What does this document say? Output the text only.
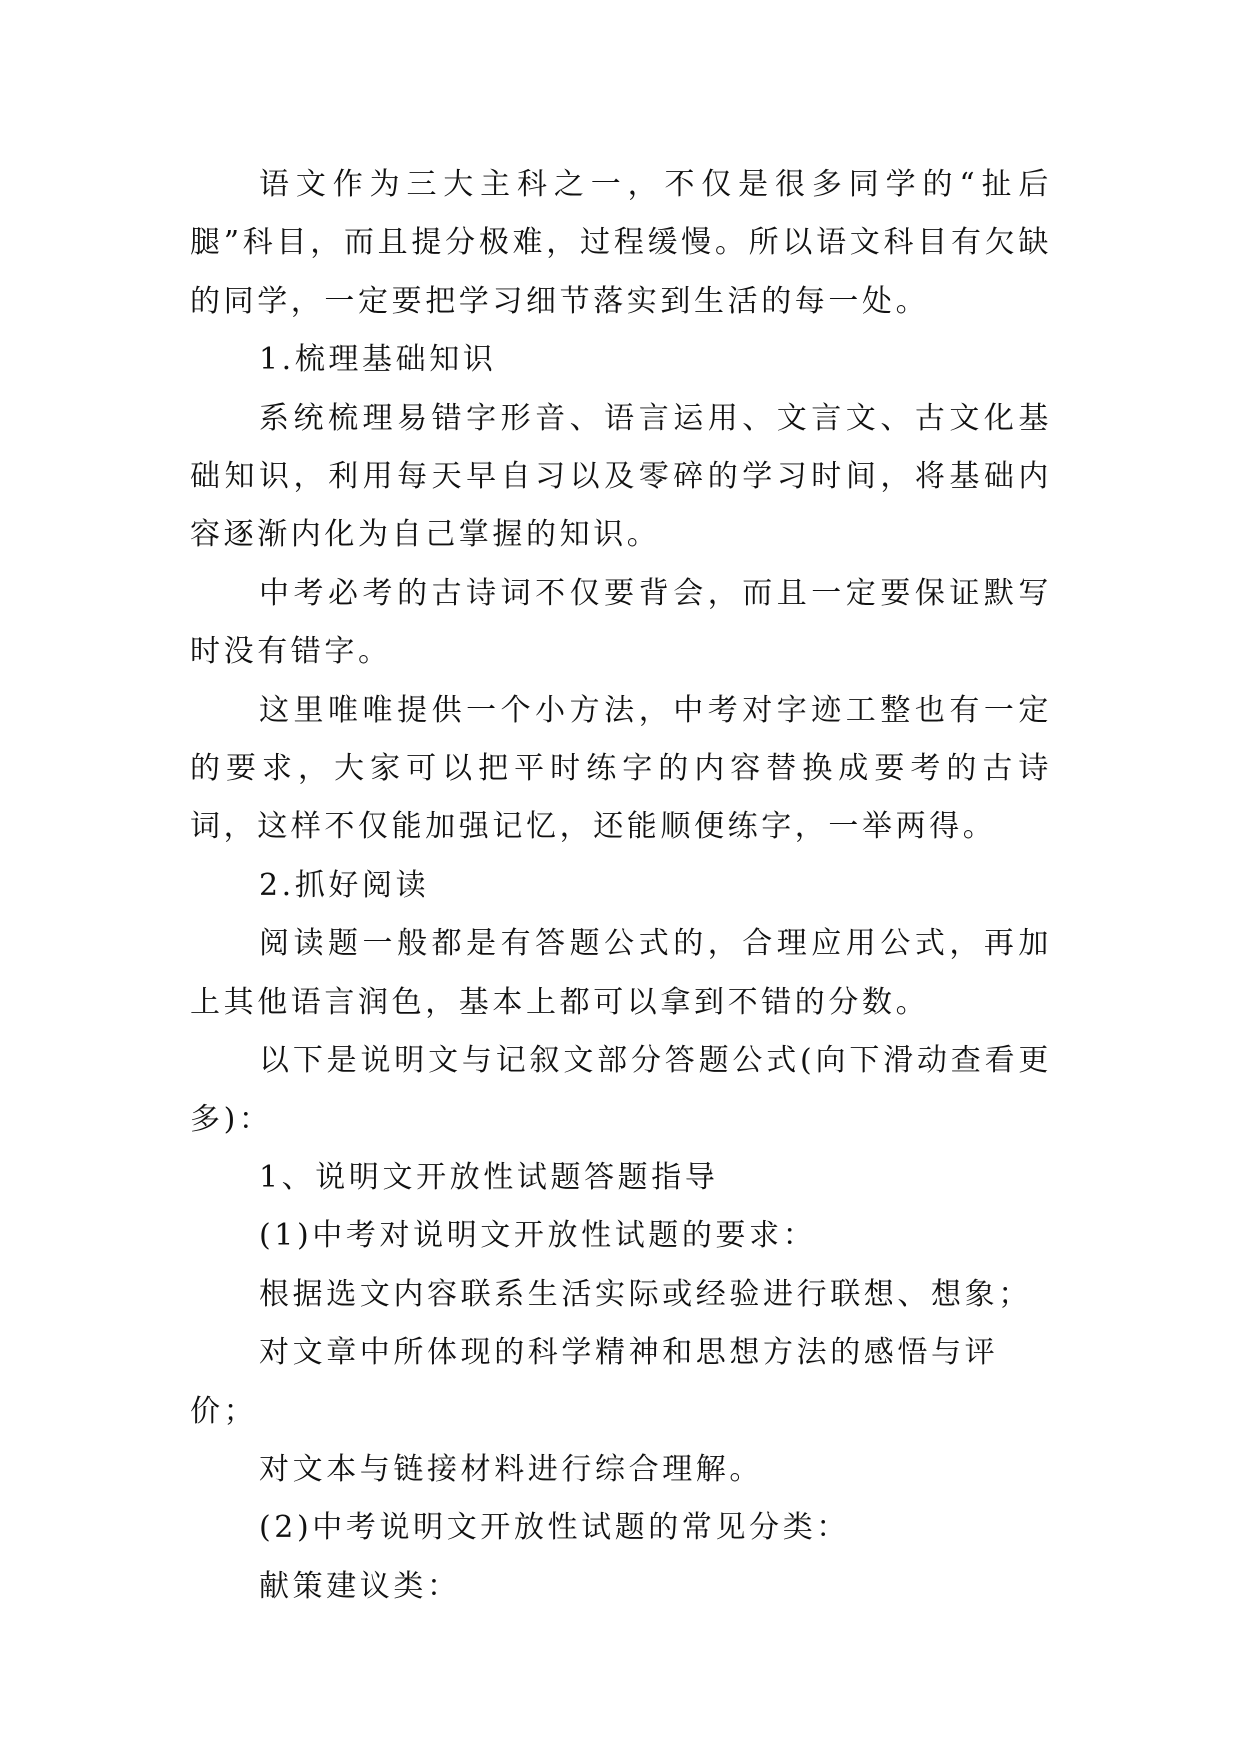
语文作为三大主科之一，不仅是很多同学的“扯后腿”科目，而且提分极难，过程缓慢。所以语文科目有欠缺的同学，一定要把学习细节落实到生活的每一处。

1.梳理基础知识

系统梳理易错字形音、语言运用、文言文、古文化基础知识，利用每天早自习以及零碎的学习时间，将基础内容逐渐内化为自己掌握的知识。

中考必考的古诗词不仅要背会，而且一定要保证默写时没有错字。

这里唯唯提供一个小方法，中考对字迹工整也有一定的要求，大家可以把平时练字的内容替换成要考的古诗词，这样不仅能加强记忆，还能顺便练字，一举两得。

2.抓好阅读

阅读题一般都是有答题公式的，合理应用公式，再加上其他语言润色，基本上都可以拿到不错的分数。

以下是说明文与记叙文部分答题公式(向下滑动查看更多)：

1、说明文开放性试题答题指导

(1)中考对说明文开放性试题的要求：

根据选文内容联系生活实际或经验进行联想、想象；

对文章中所体现的科学精神和思想方法的感悟与评价；

对文本与链接材料进行综合理解。

(2)中考说明文开放性试题的常见分类：

献策建议类：
